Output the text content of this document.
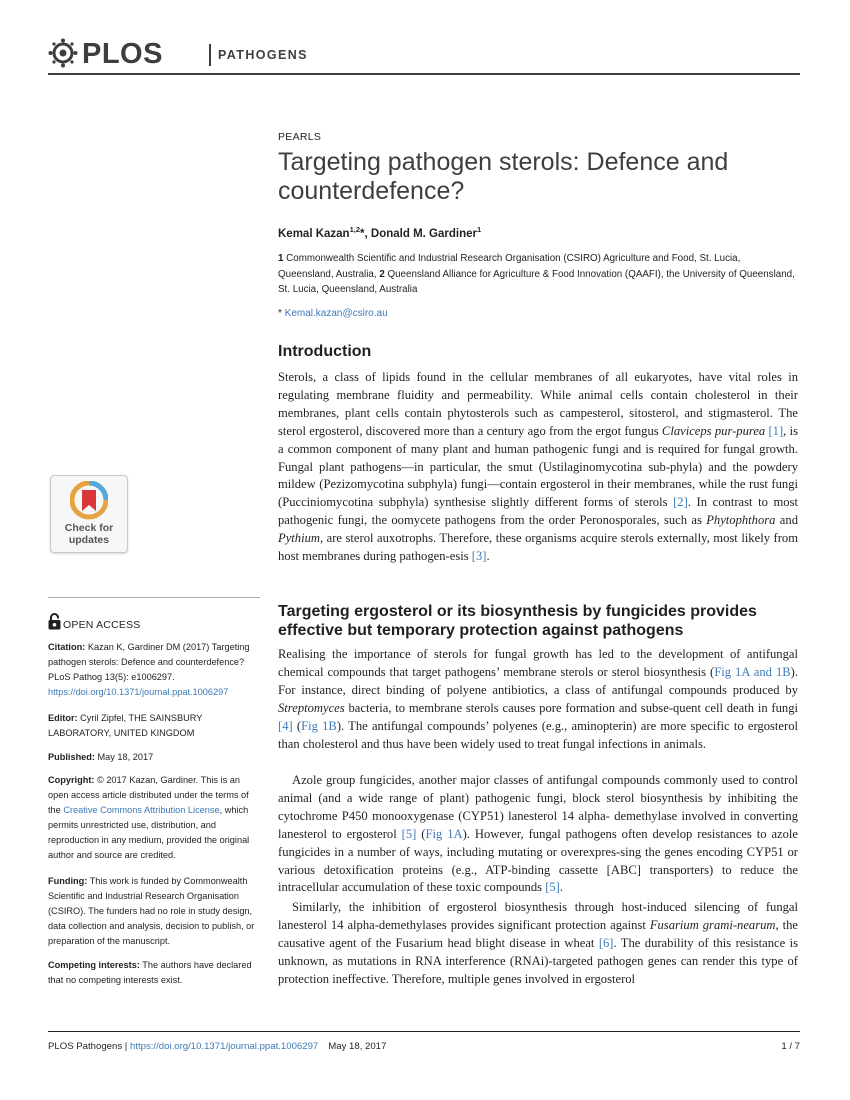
PLOS	PATHOGENS
PEARLS
Targeting pathogen sterols: Defence and counterdefence?
Kemal Kazan$^{1,2}$*, Donald M. Gardiner$^1$
1 Commonwealth Scientific and Industrial Research Organisation (CSIRO) Agriculture and Food, St. Lucia, Queensland, Australia, 2 Queensland Alliance for Agriculture & Food Innovation (QAAFI), the University of Queensland, St. Lucia, Queensland, Australia
* Kemal.kazan@csiro.au
Introduction

Sterols, a class of lipids found in the cellular membranes of all eukaryotes, have vital roles in regulating membrane fluidity and permeability. While animal cells contain cholesterol in their membranes, plant cells contain phytosterols such as campesterol, sitosterol, and stigmasterol. The sterol ergosterol, discovered more than a century ago from the ergot fungus Claviceps pur-purea [1], is a common component of many plant and human pathogenic fungi and is required for fungal growth. Fungal plant pathogens—in particular, the smut (Ustilaginomycotina sub-phyla) and the powdery mildew (Pezizomycotina subphyla) fungi—contain ergosterol in their membranes, while the rust fungi (Pucciniomycotina subphyla) synthesise slightly different forms of sterols [2]. In contrast to most pathogenic fungi, the oomycete pathogens from the order Peronosporales, such as Phytophthora and Pythium, are sterol auxotrophs. Therefore, these organisms acquire sterols externally, most likely from host membranes during pathogen-esis [3].

Targeting ergosterol or its biosynthesis by fungicides provides effective but temporary protection against pathogens

Realising the importance of sterols for fungal growth has led to the development of antifungal chemical compounds that target pathogens’ membrane sterols or sterol biosynthesis (Fig 1A and 1B). For instance, direct binding of polyene antibiotics, a class of antifungal compounds produced by Streptomyces bacteria, to membrane sterols causes pore formation and subse-quent cell death in fungi [4] (Fig 1B). The antifungal compounds’ polyenes (e.g., aminopterin) are more specific to ergosterol than cholesterol and thus have been widely used to treat fungal infections in animals.

Azole group fungicides, another major classes of antifungal compounds commonly used to control animal (and a wide range of plant) pathogenic fungi, block sterol biosynthesis by inhibiting the cytochrome P450 monooxygenase (CYP51) lanesterol 14 alpha- demethylase involved in converting lanesterol to ergosterol [5] (Fig 1A). However, fungal pathogens often develop resistances to azole fungicides in a number of ways, including mutating or overexpres-sing the genes encoding CYP51 or various detoxification proteins (e.g., ATP-binding cassette [ABC] transporters) to reduce the intracellular accumulation of these toxic compounds [5].

Similarly, the inhibition of ergosterol biosynthesis through host-induced silencing of fungal lanesterol 14 alpha-demethylases provides significant protection against Fusarium grami-nearum, the causative agent of the Fusarium head blight disease in wheat [6]. The durability of this resistance is unknown, as mutations in RNA interference (RNAi)-targeted pathogen genes can render this type of protection ineffective. Therefore, multiple genes involved in ergosterol

Check for
updates
OPEN ACCESS

Citation: Kazan K, Gardiner DM (2017) Targeting pathogen sterols: Defence and counterdefence? PLoS Pathog 13(5): e1006297. https://doi.org/10.1371/journal.ppat.1006297

Editor: Cyril Zipfel, THE SAINSBURY LABORATORY, UNITED KINGDOM

Published: May 18, 2017

Copyright: © 2017 Kazan, Gardiner. This is an open access article distributed under the terms of the Creative Commons Attribution License, which permits unrestricted use, distribution, and reproduction in any medium, provided the original author and source are credited.

Funding: This work is funded by Commonwealth Scientific and Industrial Research Organisation (CSIRO). The funders had no role in study design, data collection and analysis, decision to publish, or preparation of the manuscript.

Competing interests: The authors have declared that no competing interests exist.

PLOS Pathogens | https://doi.org/10.1371/journal.ppat.1006297 May 18, 2017	1 / 7
